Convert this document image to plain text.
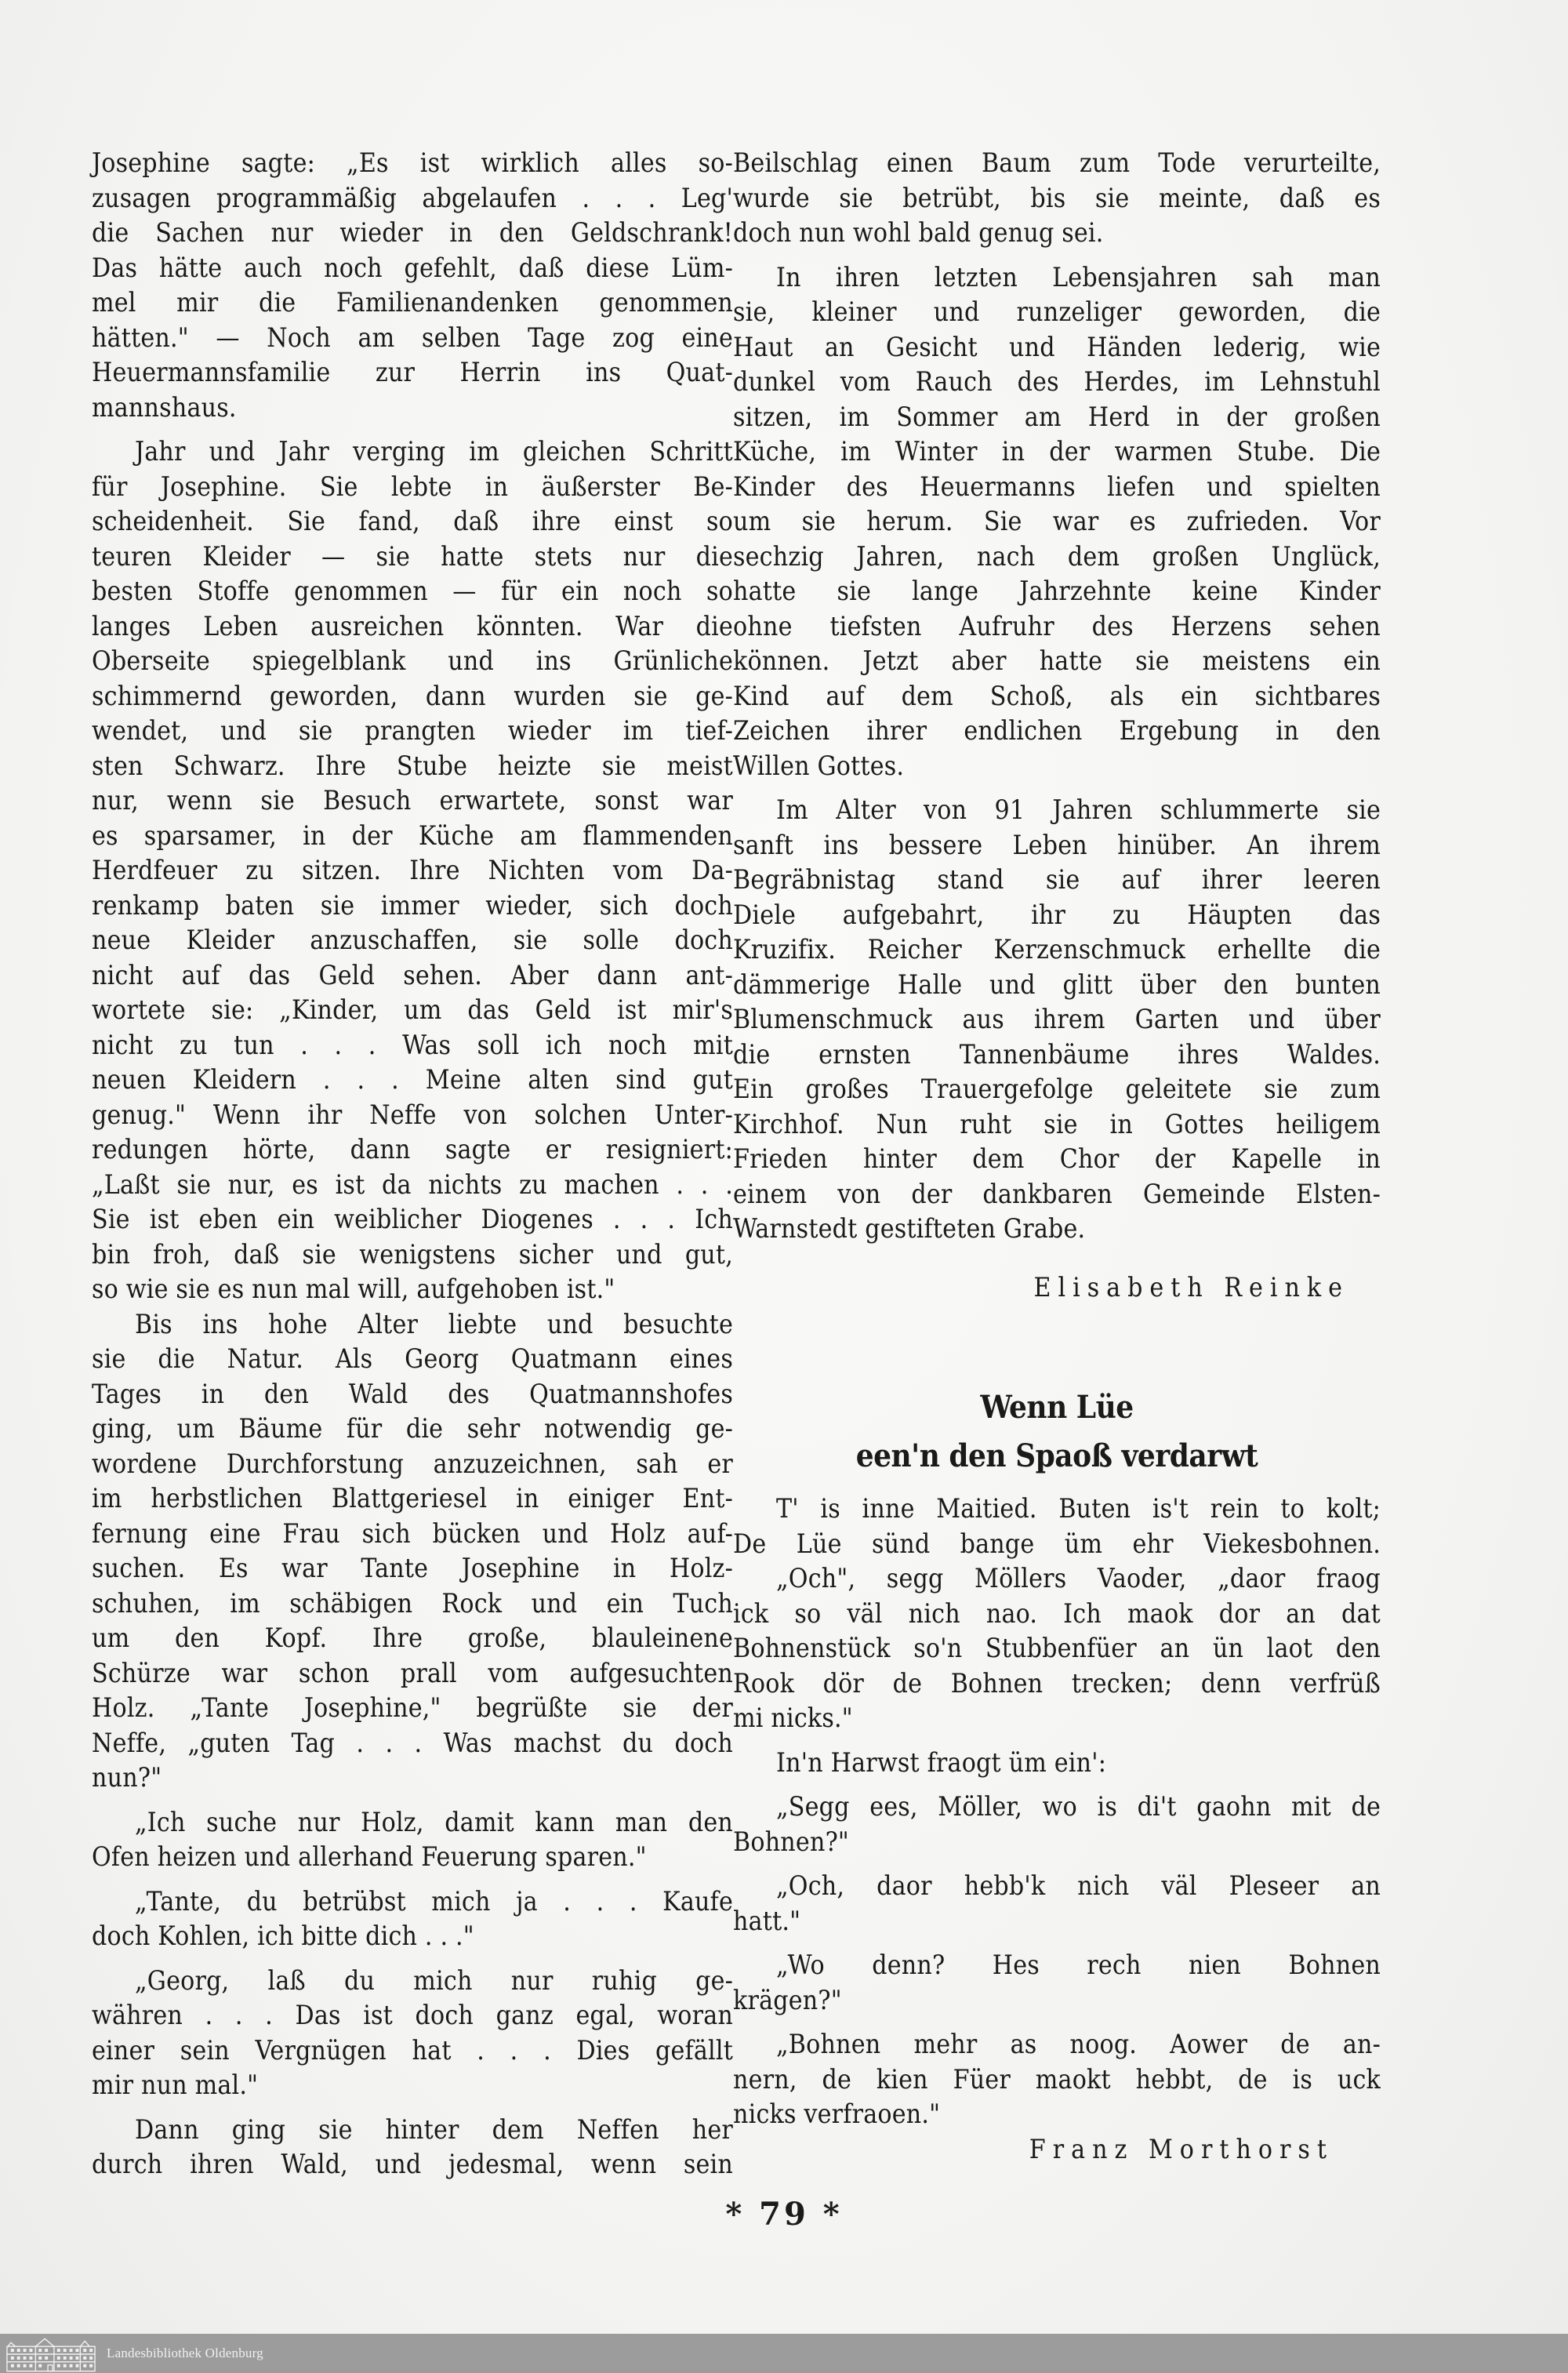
Josephine sagte: „Es ist wirklich alles so-
zusagen programmäßig abgelaufen . . . Leg'
die Sachen nur wieder in den Geldschrank!
Das hätte auch noch gefehlt, daß diese Lüm-
mel mir die Familienandenken genommen
hätten." — Noch am selben Tage zog eine
Heuermannsfamilie zur Herrin ins Quat-
mannshaus.
Jahr und Jahr verging im gleichen Schritt
für Josephine. Sie lebte in äußerster Be-
scheidenheit. Sie fand, daß ihre einst so
teuren Kleider — sie hatte stets nur die
besten Stoffe genommen — für ein noch so
langes Leben ausreichen könnten. War die
Oberseite spiegelblank und ins Grünliche
schimmernd geworden, dann wurden sie ge-
wendet, und sie prangten wieder im tief-
sten Schwarz. Ihre Stube heizte sie meist
nur, wenn sie Besuch erwartete, sonst war
es sparsamer, in der Küche am flammenden
Herdfeuer zu sitzen. Ihre Nichten vom Da-
renkamp baten sie immer wieder, sich doch
neue Kleider anzuschaffen, sie solle doch
nicht auf das Geld sehen. Aber dann ant-
wortete sie: „Kinder, um das Geld ist mir's
nicht zu tun . . . Was soll ich noch mit
neuen Kleidern . . . Meine alten sind gut
genug." Wenn ihr Neffe von solchen Unter-
redungen hörte, dann sagte er resigniert:
„Laßt sie nur, es ist da nichts zu machen . . .
Sie ist eben ein weiblicher Diogenes . . . Ich
bin froh, daß sie wenigstens sicher und gut,
so wie sie es nun mal will, aufgehoben ist."
Bis ins hohe Alter liebte und besuchte
sie die Natur. Als Georg Quatmann eines
Tages in den Wald des Quatmannshofes
ging, um Bäume für die sehr notwendig ge-
wordene Durchforstung anzuzeichnen, sah er
im herbstlichen Blattgeriesel in einiger Ent-
fernung eine Frau sich bücken und Holz auf-
suchen. Es war Tante Josephine in Holz-
schuhen, im schäbigen Rock und ein Tuch
um den Kopf. Ihre große, blauleinene
Schürze war schon prall vom aufgesuchten
Holz. „Tante Josephine," begrüßte sie der
Neffe, „guten Tag . . . Was machst du doch
nun?"
„Ich suche nur Holz, damit kann man den
Ofen heizen und allerhand Feuerung sparen."
„Tante, du betrübst mich ja . . . Kaufe
doch Kohlen, ich bitte dich . . ."
„Georg, laß du mich nur ruhig ge-
währen . . . Das ist doch ganz egal, woran
einer sein Vergnügen hat . . . Dies gefällt
mir nun mal."
Dann ging sie hinter dem Neffen her
durch ihren Wald, und jedesmal, wenn sein
Beilschlag einen Baum zum Tode verurteilte,
wurde sie betrübt, bis sie meinte, daß es
doch nun wohl bald genug sei.
In ihren letzten Lebensjahren sah man
sie, kleiner und runzeliger geworden, die
Haut an Gesicht und Händen lederig, wie
dunkel vom Rauch des Herdes, im Lehnstuhl
sitzen, im Sommer am Herd in der großen
Küche, im Winter in der warmen Stube. Die
Kinder des Heuermanns liefen und spielten
um sie herum. Sie war es zufrieden. Vor
sechzig Jahren, nach dem großen Unglück,
hatte sie lange Jahrzehnte keine Kinder
ohne tiefsten Aufruhr des Herzens sehen
können. Jetzt aber hatte sie meistens ein
Kind auf dem Schoß, als ein sichtbares
Zeichen ihrer endlichen Ergebung in den
Willen Gottes.
Im Alter von 91 Jahren schlummerte sie
sanft ins bessere Leben hinüber. An ihrem
Begräbnistag stand sie auf ihrer leeren
Diele aufgebahrt, ihr zu Häupten das
Kruzifix. Reicher Kerzenschmuck erhellte die
dämmerige Halle und glitt über den bunten
Blumenschmuck aus ihrem Garten und über
die ernsten Tannenbäume ihres Waldes.
Ein großes Trauergefolge geleitete sie zum
Kirchhof. Nun ruht sie in Gottes heiligem
Frieden hinter dem Chor der Kapelle in
einem von der dankbaren Gemeinde Elsten-
Warnstedt gestifteten Grabe.
Elisabeth Reinke
Wenn Lüe
een'n den Spaoß verdarwt
T' is inne Maitied. Buten is't rein to kolt;
De Lüe sünd bange üm ehr Viekesbohnen.
„Och", segg Möllers Vaoder, „daor fraog
ick so väl nich nao. Ich maok dor an dat
Bohnenstück so'n Stubbenfüer an ün laot den
Rook dör de Bohnen trecken; denn verfrüß
mi nicks."
In'n Harwst fraogt üm ein':
„Segg ees, Möller, wo is di't gaohn mit de
Bohnen?"
„Och, daor hebb'k nich väl Pleseer an
hatt."
„Wo denn? Hes rech nien Bohnen
krägen?"
„Bohnen mehr as noog. Aower de an-
nern, de kien Füer maokt hebbt, de is uck
nicks verfraoen."
Franz Morthorst
* 79 *
Landesbibliothek Oldenburg
